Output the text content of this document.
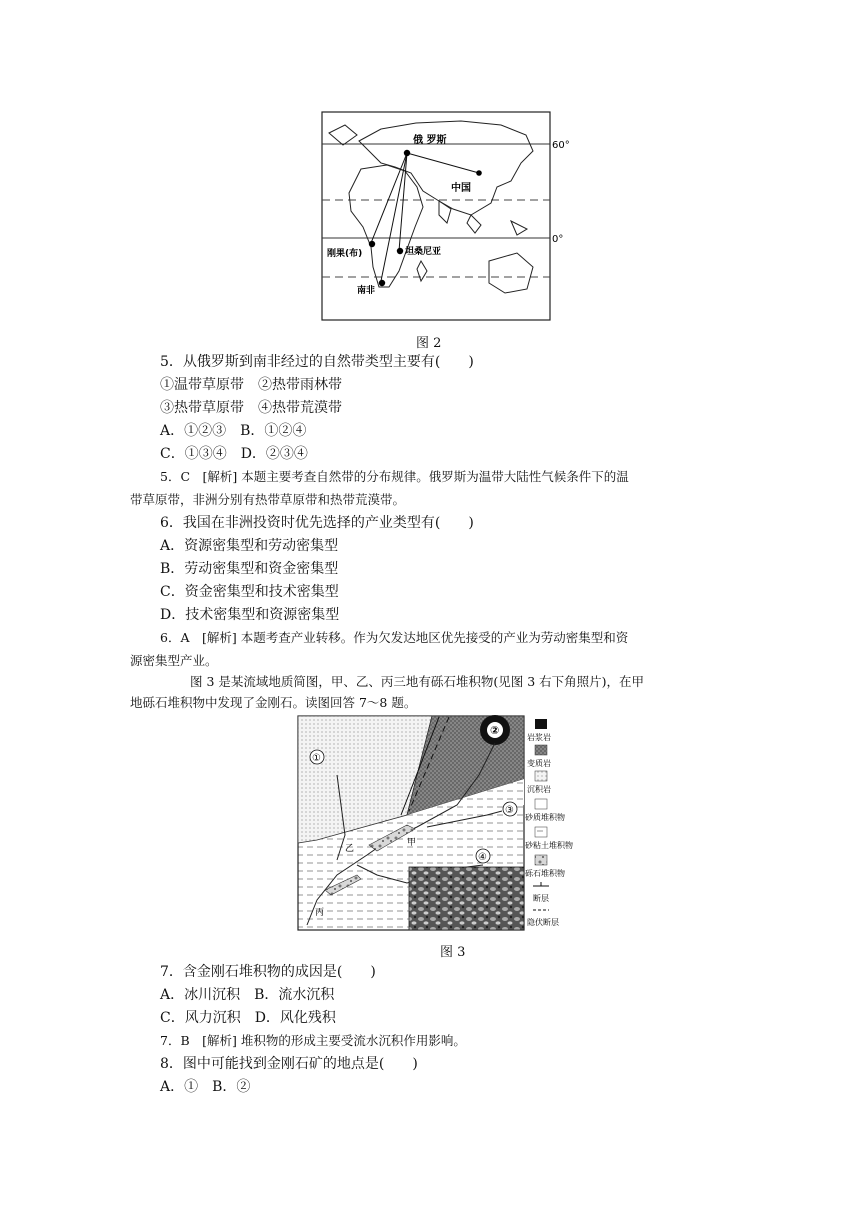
俄 罗斯
中国
刚果(布)	坦桑尼亚
南非
60°
0°
图 2
5．从俄罗斯到南非经过的自然带类型主要有(　　)
①温带草原带　②热带雨林带
③热带草原带　④热带荒漠带
A．①②③　B．①②④
C．①③④　D．②③④
5．C　[解析] 本题主要考查自然带的分布规律。俄罗斯为温带大陆性气候条件下的温
带草原带，非洲分别有热带草原带和热带荒漠带。
6．我国在非洲投资时优先选择的产业类型有(　　)
A．资源密集型和劳动密集型
B．劳动密集型和资金密集型
C．资金密集型和技术密集型
D．技术密集型和资源密集型
6．A　[解析] 本题考查产业转移。作为欠发达地区优先接受的产业为劳动密集型和资
源密集型产业。
图 3 是某流域地质简图，甲、乙、丙三地有砾石堆积物(见图 3 右下角照片)，在甲
地砾石堆积物中发现了金刚石。读图回答 7～8 题。
②
①
③
④
甲
乙
丙
岩浆岩
变质岩
沉积岩
砂质堆积物
砂粘土堆积物
砾石堆积物
断层
隐伏断层
图 3
7．含金刚石堆积物的成因是(　　)
A．冰川沉积　B．流水沉积
C．风力沉积　D．风化残积
7．B　[解析] 堆积物的形成主要受流水沉积作用影响。
8．图中可能找到金刚石矿的地点是(　　)
A．①　B．②
